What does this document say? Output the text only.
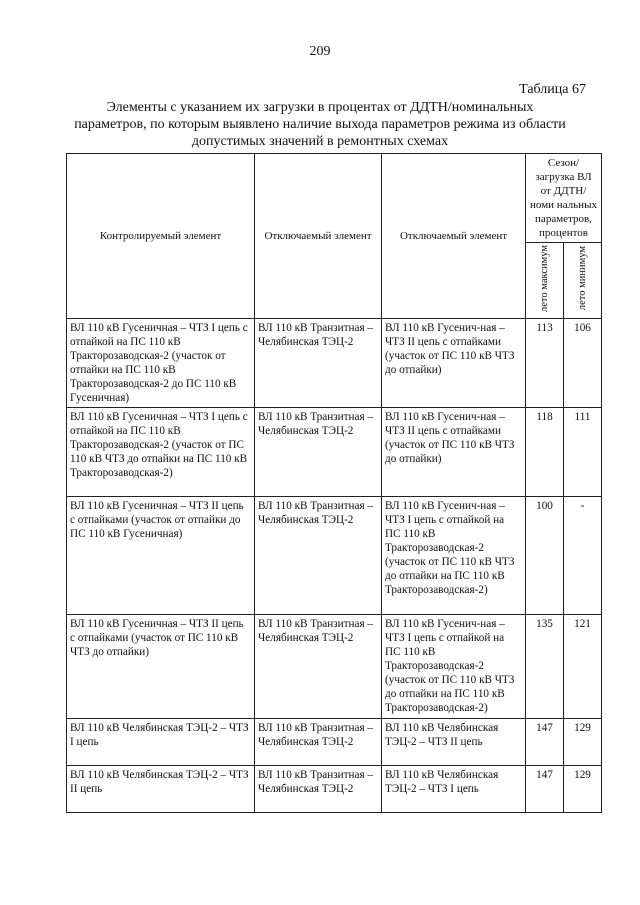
209
Таблица 67
Элементы с указанием их загрузки в процентах от ДДТН/номинальных параметров, по которым выявлено наличие выхода параметров режима из области допустимых значений в ремонтных схемах
Контролируемый элемент	Отключаемый элемент	Отключаемый элемент	Сезон/ загрузка ВЛ от ДДТН/номи нальных параметров, процентов	
			лето максимум	лето минимум
ВЛ 110 кВ Гусеничная – ЧТЗ I цепь с отпайкой на ПС 110 кВ Тракторозаводская-2 (участок от отпайки на ПС 110 кВ Тракторозаводская-2 до ПС 110 кВ Гусеничная)	ВЛ 110 кВ Транзитная – Челябинская ТЭЦ-2	ВЛ 110 кВ Гусенич-ная – ЧТЗ II цепь с отпайками (участок от ПС 110 кВ ЧТЗ до отпайки)	113	106
ВЛ 110 кВ Гусеничная – ЧТЗ I цепь с отпайкой на ПС 110 кВ Тракторозаводская-2 (участок от ПС 110 кВ ЧТЗ до отпайки на ПС 110 кВ Тракторозаводская-2)	ВЛ 110 кВ Транзитная – Челябинская ТЭЦ-2	ВЛ 110 кВ Гусенич-ная – ЧТЗ II цепь с отпайками (участок от ПС 110 кВ ЧТЗ до отпайки)	118	111
ВЛ 110 кВ Гусеничная – ЧТЗ II цепь с отпайками (участок от отпайки до ПС 110 кВ Гусеничная)	ВЛ 110 кВ Транзитная – Челябинская ТЭЦ-2	ВЛ 110 кВ Гусенич-ная – ЧТЗ I цепь с отпайкой на ПС 110 кВ Тракторозаводская-2 (участок от ПС 110 кВ ЧТЗ до отпайки на ПС 110 кВ Тракторозаводская-2)	100	-
ВЛ 110 кВ Гусеничная – ЧТЗ II цепь с отпайками (участок от ПС 110 кВ ЧТЗ до отпайки)	ВЛ 110 кВ Транзитная – Челябинская ТЭЦ-2	ВЛ 110 кВ Гусенич-ная – ЧТЗ I цепь с отпайкой на ПС 110 кВ Тракторозаводская-2 (участок от ПС 110 кВ ЧТЗ до отпайки на ПС 110 кВ Тракторозаводская-2)	135	121
ВЛ 110 кВ Челябинская ТЭЦ-2 – ЧТЗ I цепь	ВЛ 110 кВ Транзитная – Челябинская ТЭЦ-2	ВЛ 110 кВ Челябинская ТЭЦ-2 – ЧТЗ II цепь	147	129
ВЛ 110 кВ Челябинская ТЭЦ-2 – ЧТЗ II цепь	ВЛ 110 кВ Транзитная – Челябинская ТЭЦ-2	ВЛ 110 кВ Челябинская ТЭЦ-2 – ЧТЗ I цепь	147	129
